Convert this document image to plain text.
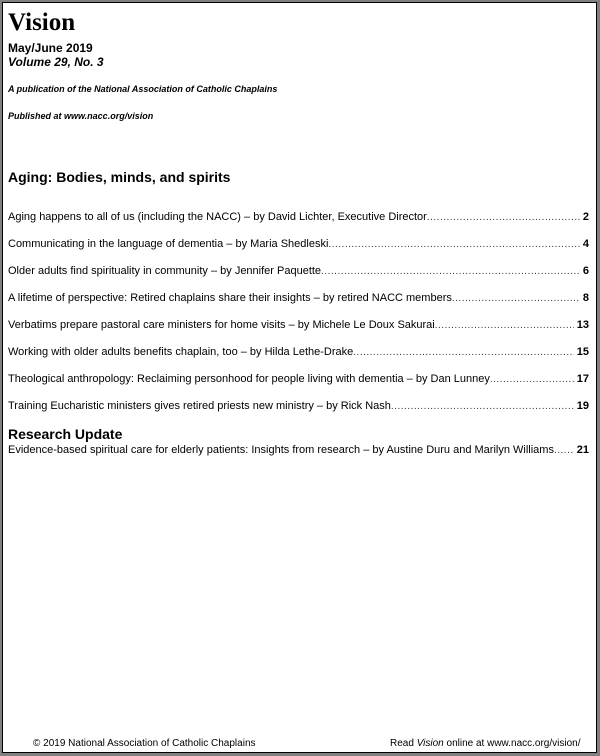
Vision
May/June 2019
Volume 29, No. 3
A publication of the National Association of Catholic Chaplains
Published at www.nacc.org/vision
Aging: Bodies, minds, and spirits
Aging happens to all of us (including the NACC) – by David Lichter, Executive Director .....	2
Communicating in the language of dementia – by Maria Shedleski .....	4
Older adults find spirituality in community – by Jennifer Paquette .....	6
A lifetime of perspective: Retired chaplains share their insights – by retired NACC members .....	8
Verbatims prepare pastoral care ministers for home visits – by Michele Le Doux Sakurai .....	13
Working with older adults benefits chaplain, too – by Hilda Lethe-Drake .....	15
Theological anthropology: Reclaiming personhood for people living with dementia – by Dan Lunney .....	17
Training Eucharistic ministers gives retired priests new ministry – by Rick Nash .....	19
Research Update
Evidence-based spiritual care for elderly patients: Insights from research – by Austine Duru and Marilyn Williams ..... 21
© 2019 National Association of Catholic Chaplains	Read Vision online at www.nacc.org/vision/
